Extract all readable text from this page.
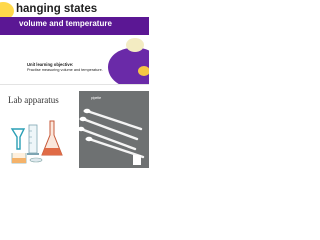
hanging states
volume and temperature
Unit learning objective:
Practise measuring volume and temperature.
Lab apparatus	pipette
